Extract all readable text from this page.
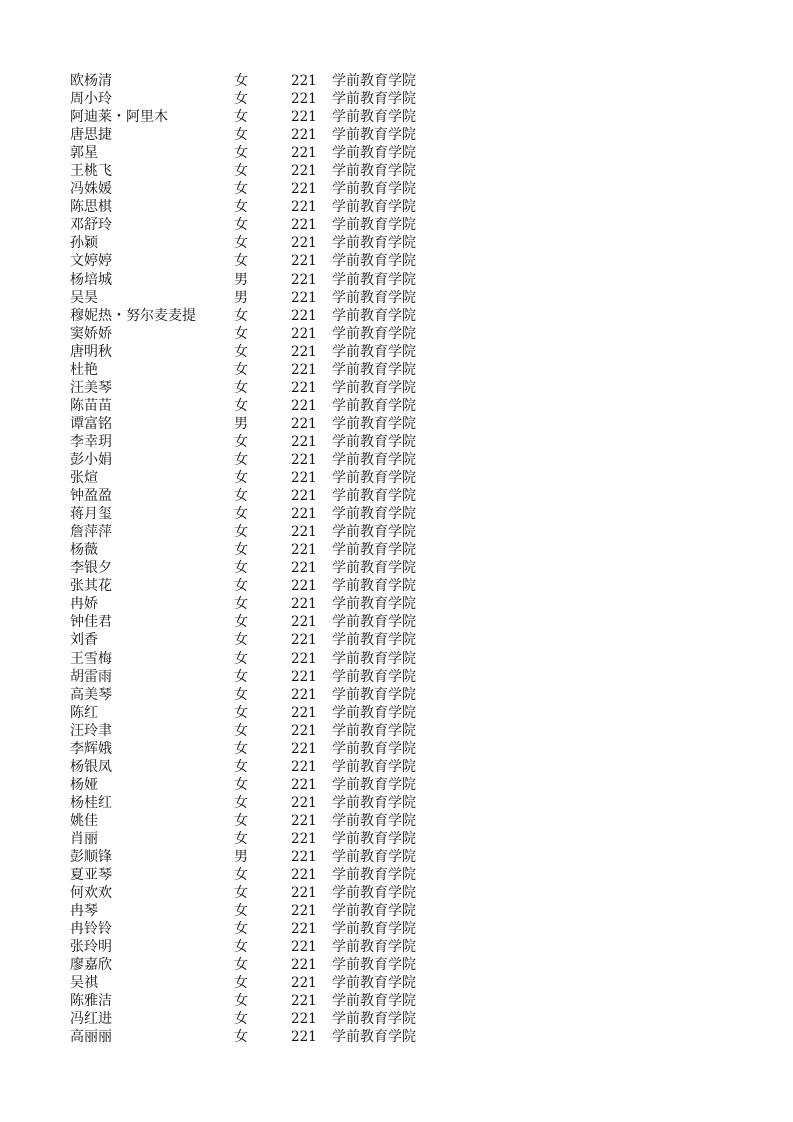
欧杨清	女	221 学前教育学院
周小玲	女	221 学前教育学院
阿迪莱・阿里木	女	221 学前教育学院
唐思捷	女	221 学前教育学院
郭星	女	221 学前教育学院
王桃飞	女	221 学前教育学院
冯姝媛	女	221 学前教育学院
陈思棋	女	221 学前教育学院
邓舒玲	女	221 学前教育学院
孙颖	女	221 学前教育学院
文婷婷	女	221 学前教育学院
杨培城	男	221 学前教育学院
吴昊	男	221 学前教育学院
穆妮热・努尔麦麦提	女	221 学前教育学院
窦娇娇	女	221 学前教育学院
唐明秋	女	221 学前教育学院
杜艳	女	221 学前教育学院
汪美琴	女	221 学前教育学院
陈苗苗	女	221 学前教育学院
谭富铭	男	221 学前教育学院
李幸玥	女	221 学前教育学院
彭小娟	女	221 学前教育学院
张煊	女	221 学前教育学院
钟盈盈	女	221 学前教育学院
蒋月玺	女	221 学前教育学院
詹萍萍	女	221 学前教育学院
杨薇	女	221 学前教育学院
李银夕	女	221 学前教育学院
张其花	女	221 学前教育学院
冉娇	女	221 学前教育学院
钟佳君	女	221 学前教育学院
刘香	女	221 学前教育学院
王雪梅	女	221 学前教育学院
胡雷雨	女	221 学前教育学院
高美琴	女	221 学前教育学院
陈红	女	221 学前教育学院
汪玲聿	女	221 学前教育学院
李辉娥	女	221 学前教育学院
杨银凤	女	221 学前教育学院
杨娅	女	221 学前教育学院
杨桂红	女	221 学前教育学院
姚佳	女	221 学前教育学院
肖丽	女	221 学前教育学院
彭顺锋	男	221 学前教育学院
夏亚琴	女	221 学前教育学院
何欢欢	女	221 学前教育学院
冉琴	女	221 学前教育学院
冉铃铃	女	221 学前教育学院
张玲明	女	221 学前教育学院
廖嘉欣	女	221 学前教育学院
吴祺	女	221 学前教育学院
陈雅洁	女	221 学前教育学院
冯红进	女	221 学前教育学院
高丽丽	女	221 学前教育学院
